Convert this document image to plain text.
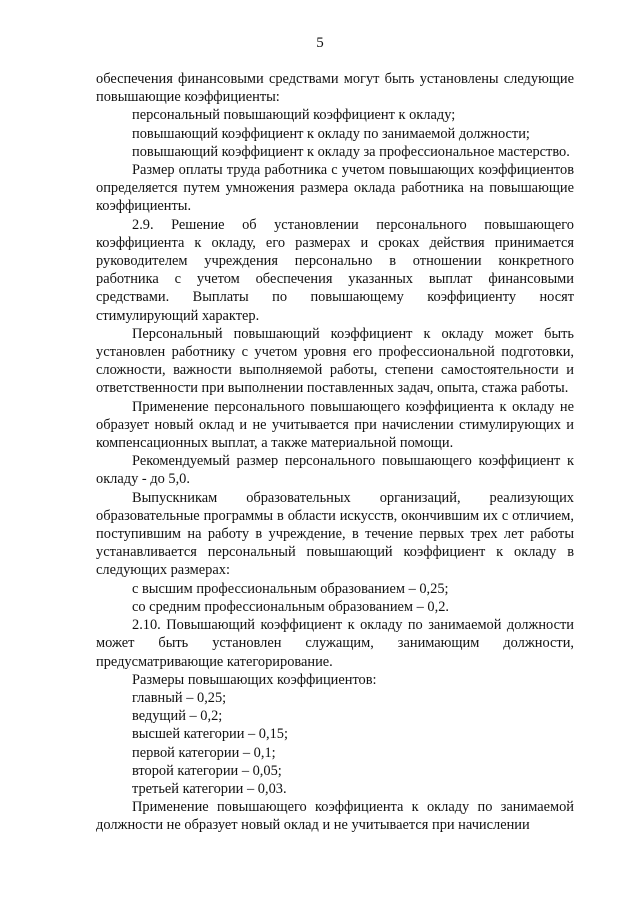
5

обеспечения финансовыми средствами могут быть установлены следующие повышающие коэффициенты:

персональный повышающий коэффициент к окладу;

повышающий коэффициент к окладу по занимаемой должности;

повышающий коэффициент к окладу за профессиональное мастерство.

Размер оплаты труда работника с учетом повышающих коэффициентов определяется путем умножения размера оклада работника на повышающие коэффициенты.

2.9. Решение об установлении персонального повышающего коэффициента к окладу, его размерах и сроках действия принимается руководителем учреждения персонально в отношении конкретного работника с учетом обеспечения указанных выплат финансовыми средствами. Выплаты по повышающему коэффициенту носят стимулирующий характер.

Персональный повышающий коэффициент к окладу может быть установлен работнику с учетом уровня его профессиональной подготовки, сложности, важности выполняемой работы, степени самостоятельности и ответственности при выполнении поставленных задач, опыта, стажа работы.

Применение персонального повышающего коэффициента к окладу не образует новый оклад и не учитывается при начислении стимулирующих и компенсационных выплат, а также материальной помощи.

Рекомендуемый размер персонального повышающего коэффициент к окладу - до 5,0.

Выпускникам образовательных организаций, реализующих образовательные программы в области искусств, окончившим их с отличием, поступившим на работу в учреждение, в течение первых трех лет работы устанавливается персональный повышающий коэффициент к окладу в следующих размерах:

с высшим профессиональным образованием – 0,25;

со средним профессиональным образованием – 0,2.

2.10. Повышающий коэффициент к окладу по занимаемой должности может быть установлен служащим, занимающим должности, предусматривающие категорирование.

Размеры повышающих коэффициентов:

главный – 0,25;

ведущий – 0,2;

высшей категории – 0,15;

первой категории – 0,1;

второй категории – 0,05;

третьей категории – 0,03.

Применение повышающего коэффициента к окладу по занимаемой должности не образует новый оклад и не учитывается при начислении
